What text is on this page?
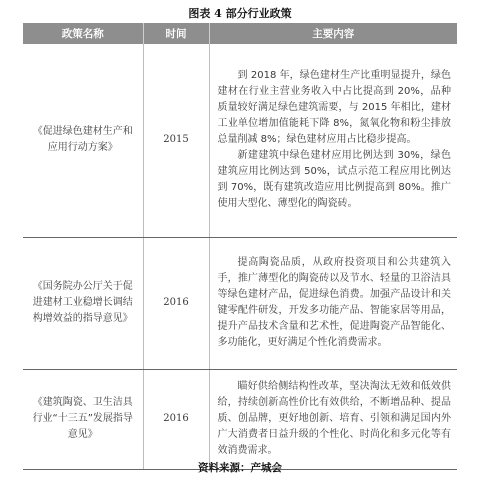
图表 4 部分行业政策
政策名称	时间	主要内容
《促进绿色建材生产和应用行动方案》	2015	到 2018 年，绿色建材生产比重明显提升，绿色建材在行业主营业务收入中占比提高到 20%，品种质量较好满足绿色建筑需要，与 2015 年相比，建材工业单位增加值能耗下降 8%，氮氧化物和粉尘排放总量削减 8%；绿色建材应用占比稳步提高。

新建建筑中绿色建材应用比例达到 30%，绿色建筑应用比例达到 50%，试点示范工程应用比例达到 70%，既有建筑改造应用比例提高到 80%。推广使用大型化、薄型化的陶瓷砖。

《国务院办公厅关于促进建材工业稳增长调结构增效益的指导意见》	2016	提高陶瓷品质，从政府投资项目和公共建筑入手，推广薄型化的陶瓷砖以及节水、轻量的卫浴洁具等绿色建材产品，促进绿色消费。加强产品设计和关键零配件研发，开发多功能产品、智能家居等用品，提升产品技术含量和艺术性，促进陶瓷产品智能化、多功能化，更好满足个性化消费需求。

《建筑陶瓷、卫生洁具行业“十三五”发展指导意见》	2016	瞄好供给侧结构性改革，坚决淘汰无效和低效供给，持续创新高性价比有效供给，不断增品种、提品质、创品牌，更好地创新、培育、引领和满足国内外广大消费者日益升级的个性化、时尚化和多元化等有效消费需求。

资料来源：产城会
